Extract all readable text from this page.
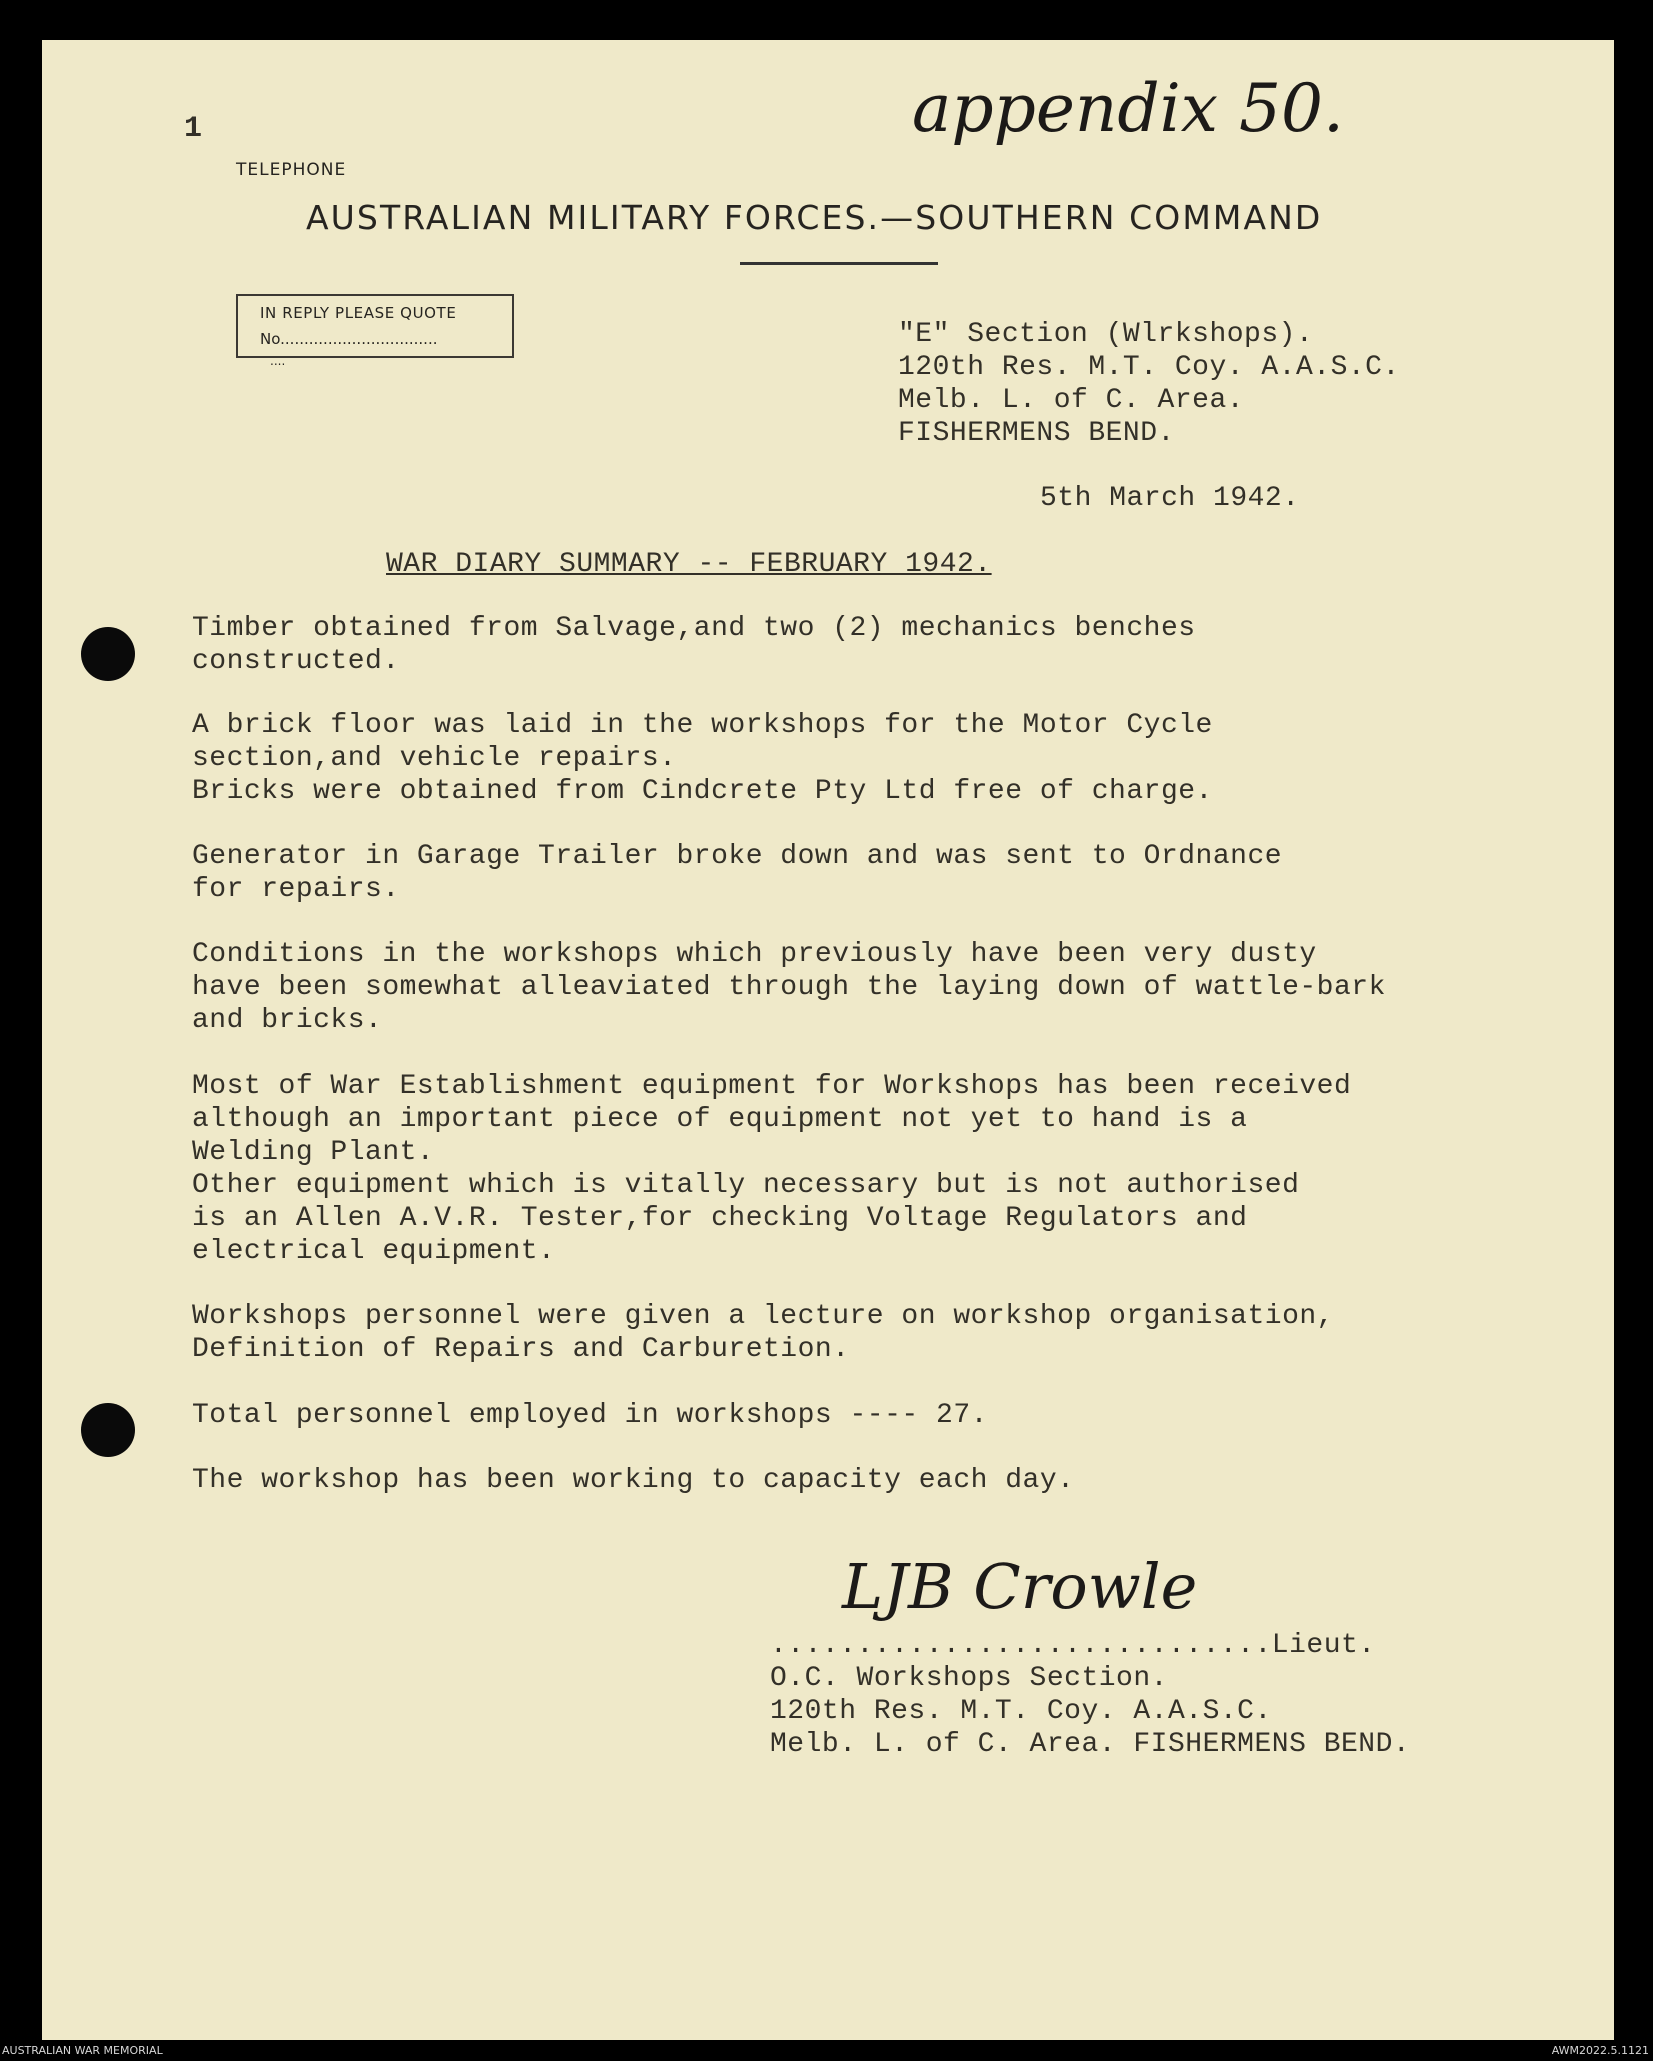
appendix 50.
1
TELEPHONE
AUSTRALIAN MILITARY FORCES.—SOUTHERN COMMAND
IN REPLY PLEASE QUOTE
No.................................
....
"E" Section (Wlrkshops).
120th Res. M.T. Coy. A.A.S.C.
Melb. L. of C. Area.
FISHERMENS BEND.
5th March 1942.
WAR DIARY SUMMARY -- FEBRUARY 1942.
Timber obtained from Salvage,and two (2) mechanics benches
constructed.
A brick floor was laid in the workshops for the Motor Cycle
section,and vehicle repairs.
Bricks were obtained from Cindcrete Pty Ltd free of charge.
Generator in Garage Trailer broke down and was sent to Ordnance
for repairs.
Conditions in the workshops which previously have been very dusty
have been somewhat alleaviated through the laying down of wattle-bark
and bricks.
Most of War Establishment equipment for Workshops has been received
although an important piece of equipment not yet to hand is a
Welding Plant.
Other equipment which is vitally necessary but is not authorised
is an Allen A.V.R. Tester,for checking Voltage Regulators and
electrical equipment.
Workshops personnel were given a lecture on workshop organisation,
Definition of Repairs and Carburetion.
Total personnel employed in workshops ---- 27.
The workshop has been working to capacity each day.
LJB Crowle
.............................Lieut.
O.C. Workshops Section.
120th Res. M.T. Coy. A.A.S.C.
Melb. L. of C. Area. FISHERMENS BEND.
AUSTRALIAN WAR MEMORIAL	AWM2022.5.1121
